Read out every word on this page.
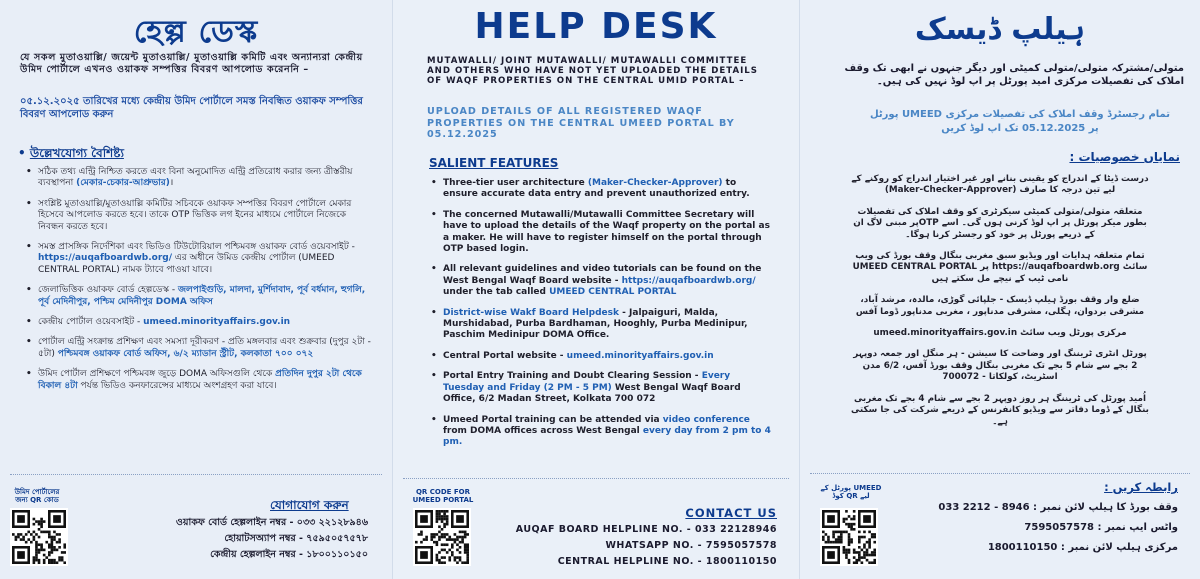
হেল্প ডেস্ক
যে সকল মুতাওয়াল্লি/ জয়েন্ট মুতাওয়াল্লি/ মুতাওয়াল্লি কমিটি এবং অন্যান্যরা কেন্দ্রীয় উমিদ পোর্টালে এখনও ওয়াকফ সম্পত্তির বিবরণ আপলোড করেননি –
০৫.১২.২০২৫ তারিখের মধ্যে কেন্দ্রীয় উমিদ পোর্টালে সমস্ত নিবন্ধিত ওয়াকফ সম্পত্তির বিবরণ আপলোড করুন
• উল্লেখযোগ্য বৈশিষ্ট্য
• সঠিক তথ্য এন্ট্রি নিশ্চিত করতে এবং বিনা অনুমোদিত এন্ট্রি প্রতিরোধ করার জন্য ত্রীস্তরীয় ব্যবস্থাপনা (মেকার-চেকার-আপ্রুভার)।
• সংশ্লিষ্ট মুতাওয়াল্লি/মুতাওয়াল্লি কমিটির সচিবকে ওয়াকফ সম্পত্তির বিবরণ পোর্টালে মেকার হিসেবে আপলোড করতে হবে। তাকে OTP ভিত্তিক লগ ইনের মাধ্যমে পোর্টালে নিজেকে নিবন্ধন করতে হবে।
• সমস্ত প্রাসঙ্গিক নির্দেশিকা এবং ভিডিও টিউটোরিয়াল পশ্চিমবঙ্গ ওয়াকফ বোর্ড ওয়েবসাইট - https://auqafboardwb.org/ এর অধীনে উমিড কেন্দ্রীয় পোর্টাল (UMEED CENTRAL PORTAL) নামক ট্যাবে পাওয়া যাবে।
• জেলাভিত্তিক ওয়াকফ বোর্ড হেল্পডেস্ক - জলপাইগুড়ি, মালদা, মুর্শিদাবাদ, পূর্ব বর্ধমান, হুগলি, পূর্ব মেদিনীপুর, পশ্চিম মেদিনীপুর DOMA অফিস
• কেন্দ্রীয় পোর্টাল ওয়েবসাইট - umeed.minorityaffairs.gov.in
• পোর্টাল এন্ট্রি সংক্রান্ত প্রশিক্ষণ এবং সমস্যা দূরীকরণ - প্রতি মঙ্গলবার এবং শুক্রবার (দুপুর ২টা - ৫টা) পশ্চিমবঙ্গ ওয়াকফ বোর্ড অফিস, ৬/২ ম্যাডান স্ট্রীট, কলকাতা ৭০০ ০৭২
• উমিদ পোর্টাল প্রশিক্ষণে পশ্চিমবঙ্গ জুড়ে DOMA অফিসগুলি থেকে প্রতিদিন দুপুর ২টা থেকে বিকাল ৪টা পর্যন্ত ভিডিও কনফারেন্সের মাধ্যমে অংশগ্রহণ করা যাবে।
উমিদ পোর্টালের জন্য QR কোড	যোগাযোগ করুন
ওয়াকফ বোর্ড হেল্পলাইন নম্বর - ০৩৩ ২২১২৮৯৪৬
হোয়াটসঅ্যাপ নম্বর - ৭৫৯৫০৫৭৫৭৮
কেন্দ্রীয় হেল্পলাইন নম্বর - ১৮০০১১০১৫০
HELP DESK
MUTAWALLI/ JOINT MUTAWALLI/ MUTAWALLI COMMITTEE AND OTHERS WHO HAVE NOT YET UPLOADED THE DETAILS OF WAQF PROPERTIES ON THE CENTRAL UMID PORTAL –
UPLOAD DETAILS OF ALL REGISTERED WAQF PROPERTIES ON THE CENTRAL UMEED PORTAL BY 05.12.2025
SALIENT FEATURES
• Three-tier user architecture (Maker-Checker-Approver) to ensure accurate data entry and prevent unauthorized entry.
• The concerned Mutawalli/Mutawalli Committee Secretary will have to upload the details of the Waqf property on the portal as a maker. He will have to register himself on the portal through OTP based login.
• All relevant guidelines and video tutorials can be found on the West Bengal Waqf Board website - https://auqafboardwb.org/ under the tab called UMEED CENTRAL PORTAL
• District-wise Wakf Board Helpdesk - Jalpaiguri, Malda, Murshidabad, Purba Bardhaman, Hooghly, Purba Medinipur, Paschim Medinipur DOMA Office.
• Central Portal website - umeed.minorityaffairs.gov.in
• Portal Entry Training and Doubt Clearing Session - Every Tuesday and Friday (2 PM - 5 PM) West Bengal Waqf Board Office, 6/2 Madan Street, Kolkata 700 072
• Umeed Portal training can be attended via video conference from DOMA offices across West Bengal every day from 2 pm to 4 pm.
QR CODE FOR UMEED PORTAL
CONTACT US
AUQAF BOARD HELPLINE NO. - 033 22128946
WHATSAPP NO. - 7595057578
CENTRAL HELPLINE NO. - 1800110150
ہیلپ ڈیسک
متولی/مشترکہ متولی/متولی کمیٹی اور دیگر جنہوں نے ابھی تک وقف املاک کی تفصیلات مرکزی امید پورٹل پر اپ لوڈ نہیں کی ہیں۔
تمام رجسٹرڈ وقف املاک کی تفصیلات مرکزی UMEED پورٹل پر 05.12.2025 تک اپ لوڈ کریں
نمایاں خصوصیات :
درست ڈیٹا کے اندراج کو یقینی بنانے اور غیر اختیار اندراج کو روکنے کے لیے تین درجہ کا صارف (Maker-Checker-Approver)
متعلقہ متولی/متولی کمیٹی سیکرٹری کو وقف املاک کی تفصیلات بطور میکر پورٹل پر اپ لوڈ کرنی ہوں گی۔ اسے OTPپر مبنی لاگ ان کے ذریعے پورٹل پر خود کو رجسٹر کرنا ہوگا۔
تمام متعلقہ ہدایات اور ویڈیو سبق مغربی بنگال وقف بورڈ کی ویب سائٹ https://auqafboardwb.org پر UMEED CENTRAL PORTAL نامی ٹیب کے نیچے مل سکتے ہیں
ضلع وار وقف بورڈ ہیلپ ڈیسک - جلپائی گوڑی، مالدہ، مرشد آباد، مشرقی بردوان، ہگلی، مشرقی مدناپور ، مغربی مدناپور ڈوما آفس
مرکزی پورٹل ویب سائٹ umeed.minorityaffairs.gov.in
پورٹل انٹری ٹریننگ اور وضاحت کا سیشن - ہر منگل اور جمعہ دوپہر 2 بجے سے شام 5 بجے تک مغربی بنگال وقف بورڈ آفس، 6/2 مدن اسٹریٹ، کولکاتا - 700072
اُمید پورٹل کی ٹریننگ ہر روز دوپہر 2 بجے سے شام 4 بجے تک مغربی بنگال کے ڈوما دفاتر سے ویڈیو کانفرنس کے ذریعے شرکت کی جا سکتی ہے۔
UMEED پورٹل کے لیے QR کوڈ
رابطہ کریں :
وقف بورڈ کا ہیلپ لائن نمبر : 8946 - 2212 033
واٹس ایپ نمبر : 7595057578
مرکزی ہیلپ لائن نمبر : 1800110150
